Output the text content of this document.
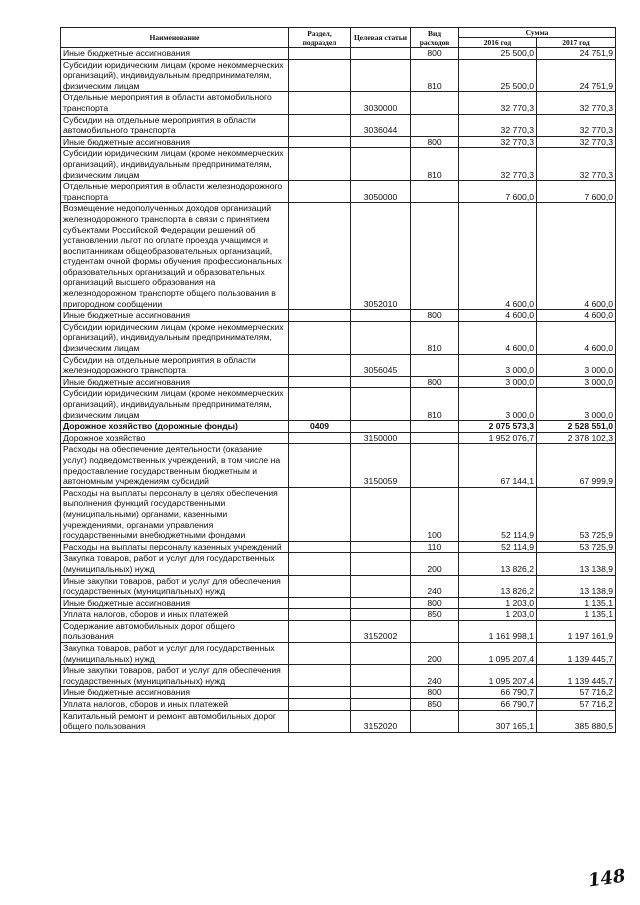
Наименование	Раздел, подраздел	Целевая статьи	Вид расходов	Сумма	
				2016 год	2017 год
Иные бюджетные ассигнования			800	25 500,0	24 751,9
Субсидии юридическим лицам (кроме некоммерческих организаций), индивидуальным предпринимателям, физическим лицам			810	25 500,0	24 751,9
Отдельные мероприятия в области автомобильного транспорта		3030000		32 770,3	32 770,3
Субсидии на отдельные мероприятия в области автомобильного транспорта		3036044		32 770,3	32 770,3
Иные бюджетные ассигнования			800	32 770,3	32 770,3
Субсидии юридическим лицам (кроме некоммерческих организаций), индивидуальным предпринимателям, физическим лицам			810	32 770,3	32 770,3
Отдельные мероприятия в области железнодорожного транспорта		3050000		7 600,0	7 600,0
Возмещение недополученных доходов организаций железнодорожного транспорта в связи с принятием субъектами Российской Федерации решений об установлении льгот по оплате проезда учащимся и воспитанникам общеобразовательных организаций, студентам очной формы обучения профессиональных образовательных организаций и образовательных организаций высшего образования на железнодорожном транспорте общего пользования в пригородном сообщении		3052010		4 600,0	4 600,0
Иные бюджетные ассигнования			800	4 600,0	4 600,0
Субсидии юридическим лицам (кроме некоммерческих организаций), индивидуальным предпринимателям, физическим лицам			810	4 600,0	4 600,0
Субсидии на отдельные мероприятия в области железнодорожного транспорта		3056045		3 000,0	3 000,0
Иные бюджетные ассигнования			800	3 000,0	3 000,0
Субсидии юридическим лицам (кроме некоммерческих организаций), индивидуальным предпринимателям, физическим лицам			810	3 000,0	3 000,0
Дорожное хозяйство (дорожные фонды)	0409			2 075 573,3	2 528 551,0
Дорожное хозяйство		3150000		1 952 076,7	2 378 102,3
Расходы на обеспечение деятельности (оказание услуг) подведомственных учреждений, в том числе на предоставление государственным бюджетным и автономным учреждениям субсидий		3150059		67 144,1	67 999,9
Расходы на выплаты персоналу в целях обеспечения выполнения функций государственными (муниципальными) органами, казенными учреждениями, органами управления государственными внебюджетными фондами			100	52 114,9	53 725,9
Расходы на выплаты персоналу казенных учреждений			110	52 114,9	53 725,9
Закупка товаров, работ и услуг для государственных (муниципальных) нужд			200	13 826,2	13 138,9
Иные закупки товаров, работ и услуг для обеспечения государственных (муниципальных) нужд			240	13 826,2	13 138,9
Иные бюджетные ассигнования			800	1 203,0	1 135,1
Уплата налогов, сборов и иных платежей			850	1 203,0	1 135,1
Содержание автомобильных дорог общего пользования		3152002		1 161 998,1	1 197 161,9
Закупка товаров, работ и услуг для государственных (муниципальных) нужд			200	1 095 207,4	1 139 445,7
Иные закупки товаров, работ и услуг для обеспечения государственных (муниципальных) нужд			240	1 095 207,4	1 139 445,7
Иные бюджетные ассигнования			800	66 790,7	57 716,2
Уплата налогов, сборов и иных платежей			850	66 790,7	57 716,2
Капитальный ремонт и ремонт автомобильных дорог общего пользования		3152020		307 165,1	385 880,5
148
